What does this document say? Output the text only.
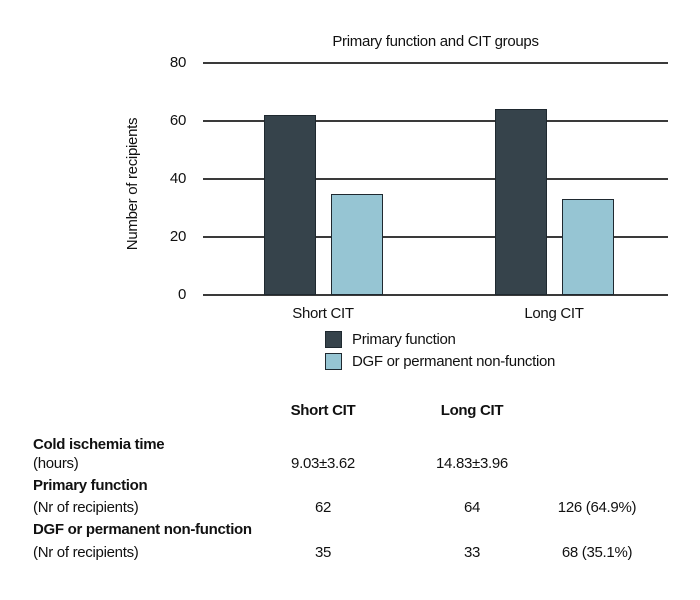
Primary function and CIT groups
Number of recipients
0
20
40
60
80
Short CIT	Long CIT
Primary function
DGF or permanent non-function
Short CIT	Long CIT
Cold ischemia time
(hours)	9.03±3.62	14.83±3.96
Primary function
(Nr of recipients)	62	64	126 (64.9%)
DGF or permanent non-function
(Nr of recipients)	35	33	68 (35.1%)
